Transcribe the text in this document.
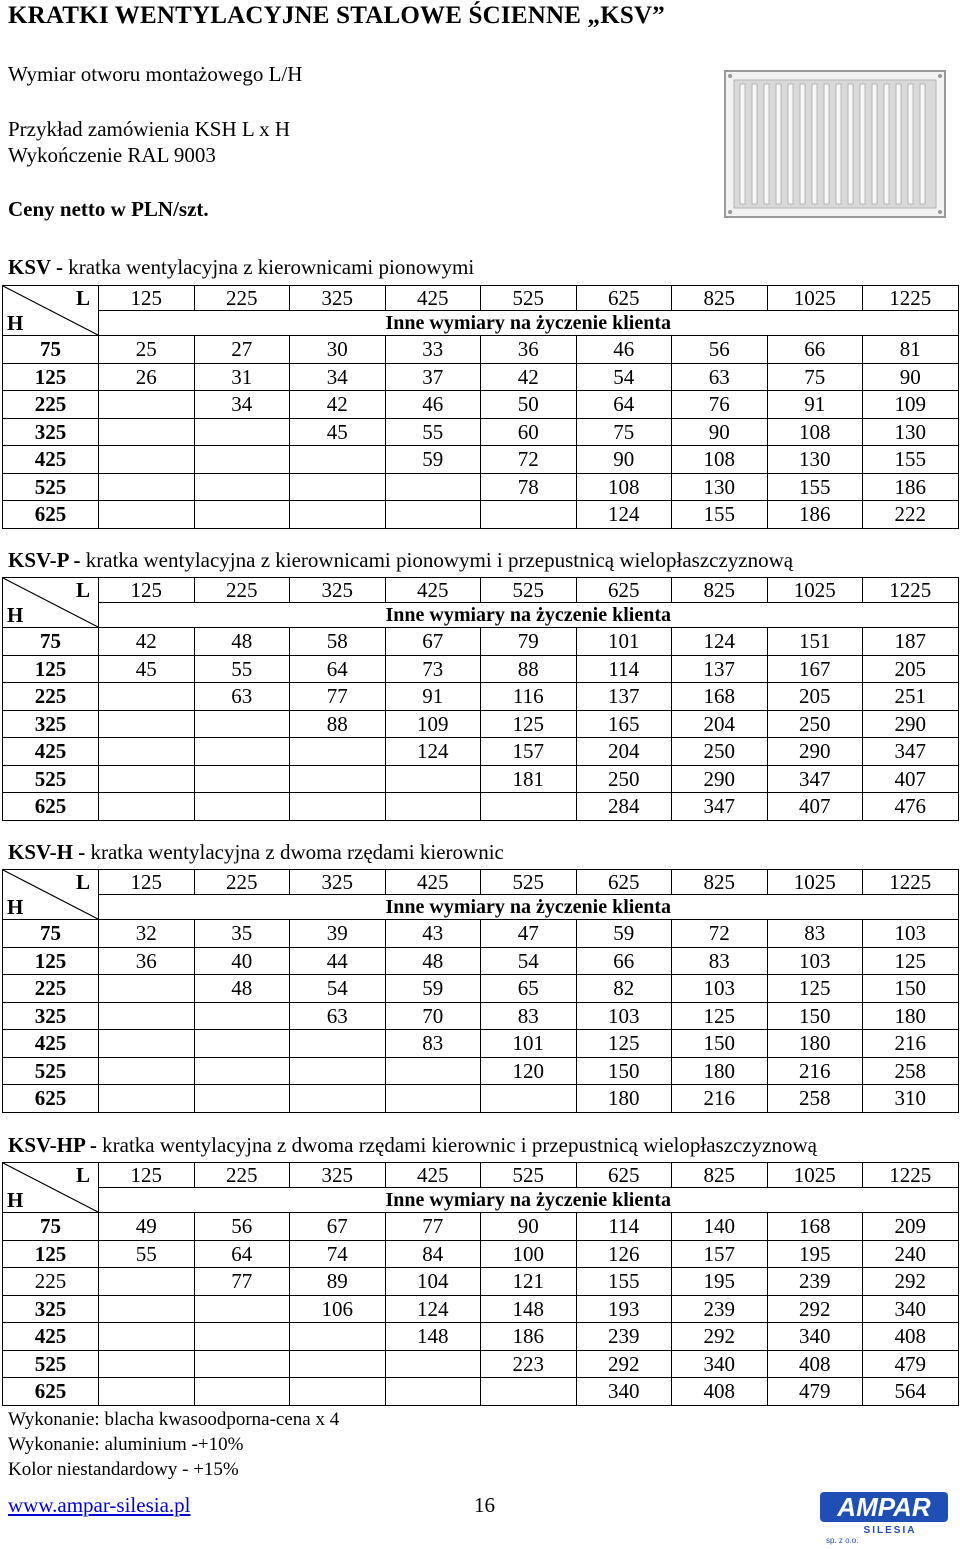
KRATKI WENTYLACYJNE STALOWE ŚCIENNE „KSV”
Wymiar otworu montażowego L/H
Przykład zamówienia KSH L x H
Wykończenie RAL 9003
Ceny netto w PLN/szt.
KSV - kratka wentylacyjna z kierownicami pionowymi
L
H	125	225	325	425	525	625	825	1025	1225
	Inne wymiary na życzenie klienta								
75	25	27	30	33	36	46	56	66	81
125	26	31	34	37	42	54	63	75	90
225		34	42	46	50	64	76	91	109
325			45	55	60	75	90	108	130
425				59	72	90	108	130	155
525					78	108	130	155	186
625						124	155	186	222
KSV-P - kratka wentylacyjna z kierownicami pionowymi i przepustnicą wielopłaszczyznową
L
H	125	225	325	425	525	625	825	1025	1225
	Inne wymiary na życzenie klienta								
75	42	48	58	67	79	101	124	151	187
125	45	55	64	73	88	114	137	167	205
225		63	77	91	116	137	168	205	251
325			88	109	125	165	204	250	290
425				124	157	204	250	290	347
525					181	250	290	347	407
625						284	347	407	476
KSV-H - kratka wentylacyjna z dwoma rzędami kierownic
L
H	125	225	325	425	525	625	825	1025	1225
	Inne wymiary na życzenie klienta								
75	32	35	39	43	47	59	72	83	103
125	36	40	44	48	54	66	83	103	125
225		48	54	59	65	82	103	125	150
325			63	70	83	103	125	150	180
425				83	101	125	150	180	216
525					120	150	180	216	258
625						180	216	258	310
KSV-HP - kratka wentylacyjna z dwoma rzędami kierownic i przepustnicą wielopłaszczyznową
L
H	125	225	325	425	525	625	825	1025	1225
	Inne wymiary na życzenie klienta								
75	49	56	67	77	90	114	140	168	209
125	55	64	74	84	100	126	157	195	240
225		77	89	104	121	155	195	239	292
325			106	124	148	193	239	292	340
425				148	186	239	292	340	408
525					223	292	340	408	479
625						340	408	479	564
Wykonanie: blacha kwasoodporna-cena x 4
Wykonanie: aluminium -+10%
Kolor niestandardowy - +15%
www.ampar-silesia.pl	16	AMPAR
SILESIA
sp. z o.o.
